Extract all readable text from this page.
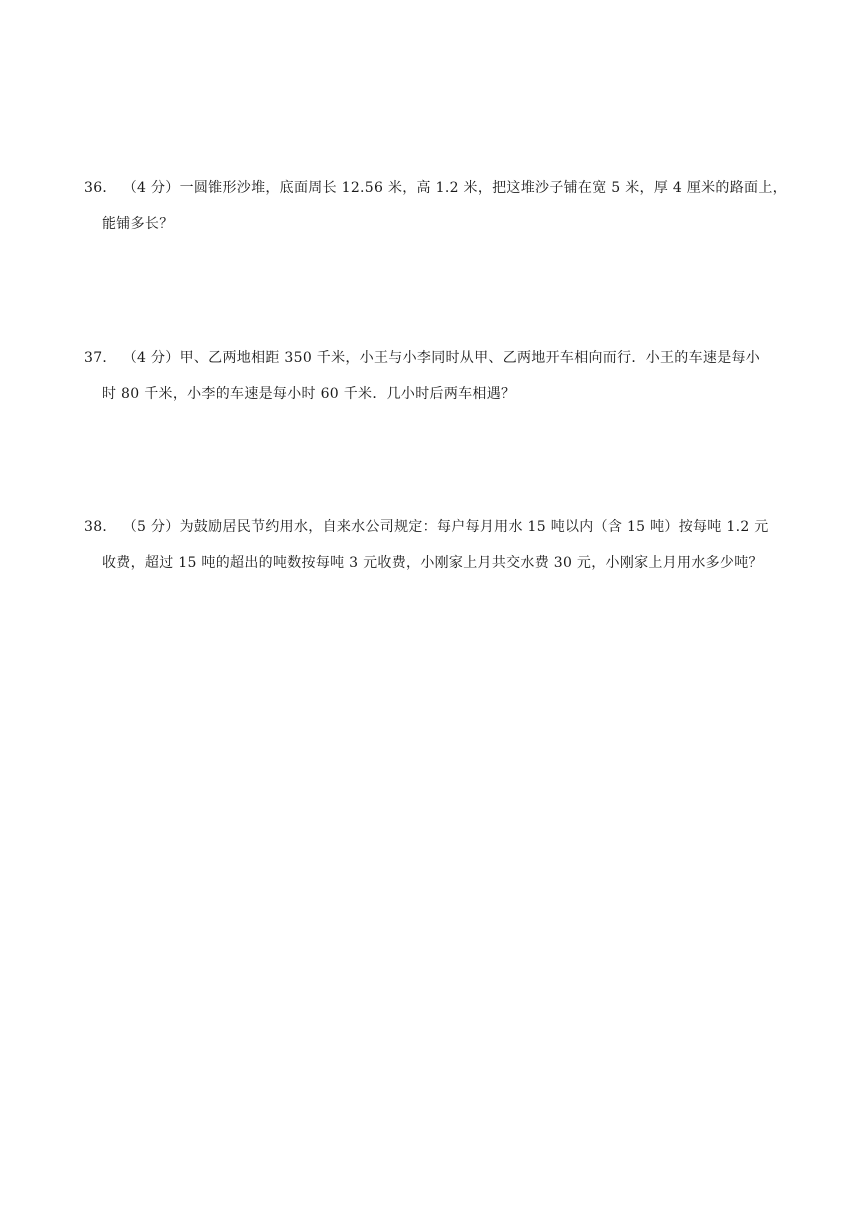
36． （4 分）一圆锥形沙堆，底面周长 12.56 米，高 1.2 米，把这堆沙子铺在宽 5 米，厚 4 厘米的路面上，
能铺多长？
37． （4 分）甲、乙两地相距 350 千米，小王与小李同时从甲、乙两地开车相向而行．小王的车速是每小
时 80 千米，小李的车速是每小时 60 千米．几小时后两车相遇？
38． （5 分）为鼓励居民节约用水，自来水公司规定：每户每月用水 15 吨以内（含 15 吨）按每吨 1.2 元
收费，超过 15 吨的超出的吨数按每吨 3 元收费，小刚家上月共交水费 30 元，小刚家上月用水多少吨？
